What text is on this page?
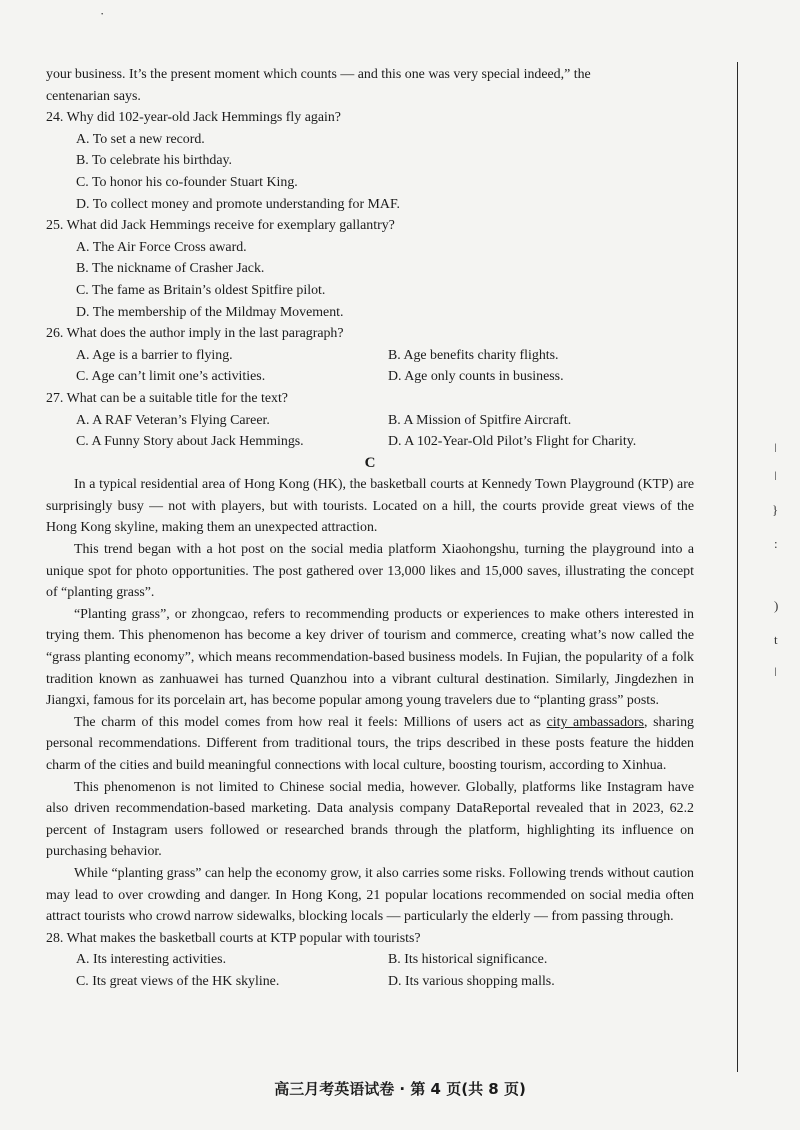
·
ǀ
ǀ
}
:
)
t
ǀ

your business. It’s the present moment which counts — and this one was very special indeed,” the

centenarian says.

24. Why did 102-year-old Jack Hemmings fly again?

A. To set a new record.

B. To celebrate his birthday.

C. To honor his co-founder Stuart King.

D. To collect money and promote understanding for MAF.

25. What did Jack Hemmings receive for exemplary gallantry?

A. The Air Force Cross award.

B. The nickname of Crasher Jack.

C. The fame as Britain’s oldest Spitfire pilot.

D. The membership of the Mildmay Movement.

26. What does the author imply in the last paragraph?

A. Age is a barrier to flying.	B. Age benefits charity flights.
C. Age can’t limit one’s activities.	D. Age only counts in business.

27. What can be a suitable title for the text?

A. A RAF Veteran’s Flying Career.	B. A Mission of Spitfire Aircraft.
C. A Funny Story about Jack Hemmings.	D. A 102-Year-Old Pilot’s Flight for Charity.

C

In a typical residential area of Hong Kong (HK), the basketball courts at Kennedy Town Playground (KTP) are surprisingly busy — not with players, but with tourists. Located on a hill, the courts provide great views of the Hong Kong skyline, making them an unexpected attraction.

This trend began with a hot post on the social media platform Xiaohongshu, turning the playground into a unique spot for photo opportunities. The post gathered over 13,000 likes and 15,000 saves, illustrating the concept of “planting grass”.

“Planting grass”, or zhongcao, refers to recommending products or experiences to make others interested in trying them. This phenomenon has become a key driver of tourism and commerce, creating what’s now called the “grass planting economy”, which means recommendation-based business models. In Fujian, the popularity of a folk tradition known as zanhuawei has turned Quanzhou into a vibrant cultural destination. Similarly, Jingdezhen in Jiangxi, famous for its porcelain art, has become popular among young travelers due to “planting grass” posts.

The charm of this model comes from how real it feels: Millions of users act as city ambassadors, sharing personal recommendations. Different from traditional tours, the trips described in these posts feature the hidden charm of the cities and build meaningful connections with local culture, boosting tourism, according to Xinhua.

This phenomenon is not limited to Chinese social media, however. Globally, platforms like Instagram have also driven recommendation-based marketing. Data analysis company DataReportal revealed that in 2023, 62.2 percent of Instagram users followed or researched brands through the platform, highlighting its influence on purchasing behavior.

While “planting grass” can help the economy grow, it also carries some risks. Following trends without caution may lead to over crowding and danger. In Hong Kong, 21 popular locations recommended on social media often attract tourists who crowd narrow sidewalks, blocking locals — particularly the elderly — from passing through.

28. What makes the basketball courts at KTP popular with tourists?

A. Its interesting activities.	B. Its historical significance.
C. Its great views of the HK skyline.	D. Its various shopping malls.
高三月考英语试卷 · 第 4 页(共 8 页)
